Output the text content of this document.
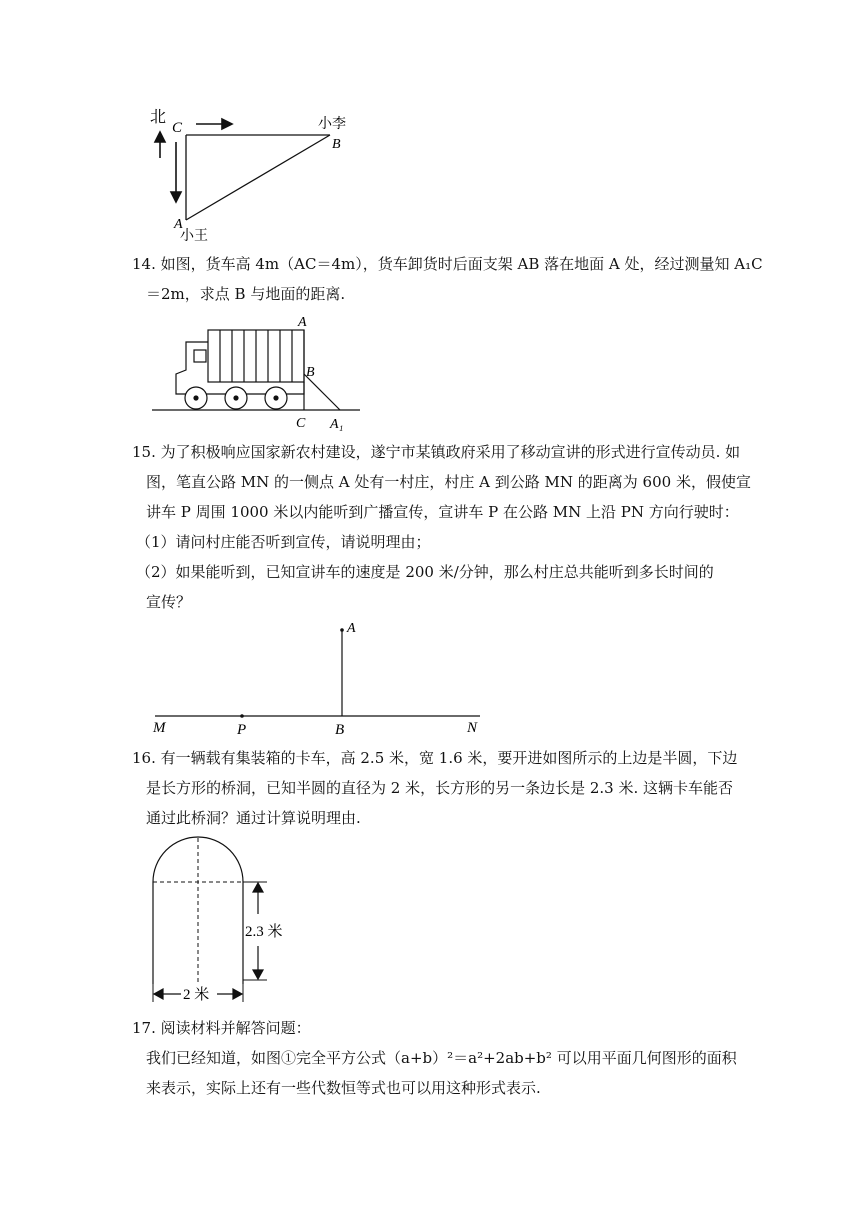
北
C	小李
B
A
小王
14. 如图，货车高 4m（AC＝4m），货车卸货时后面支架 AB 落在地面 A 处，经过测量知 A₁C
＝2m，求点 B 与地面的距离.
A
B
C A₁
15. 为了积极响应国家新农村建设，遂宁市某镇政府采用了移动宣讲的形式进行宣传动员. 如
图，笔直公路 MN 的一侧点 A 处有一村庄，村庄 A 到公路 MN 的距离为 600 米，假使宣
讲车 P 周围 1000 米以内能听到广播宣传，宣讲车 P 在公路 MN 上沿 PN 方向行驶时：
（1）请问村庄能否听到宣传，请说明理由；
（2）如果能听到，已知宣讲车的速度是 200 米/分钟，那么村庄总共能听到多长时间的
宣传？
A
M	P	B	N
16. 有一辆载有集装箱的卡车，高 2.5 米，宽 1.6 米，要开进如图所示的上边是半圆，下边
是长方形的桥洞，已知半圆的直径为 2 米，长方形的另一条边长是 2.3 米. 这辆卡车能否
通过此桥洞？通过计算说明理由.
2.3 米
2 米
17. 阅读材料并解答问题：
我们已经知道，如图①完全平方公式（a+b）²＝a²+2ab+b² 可以用平面几何图形的面积
来表示，实际上还有一些代数恒等式也可以用这种形式表示.
